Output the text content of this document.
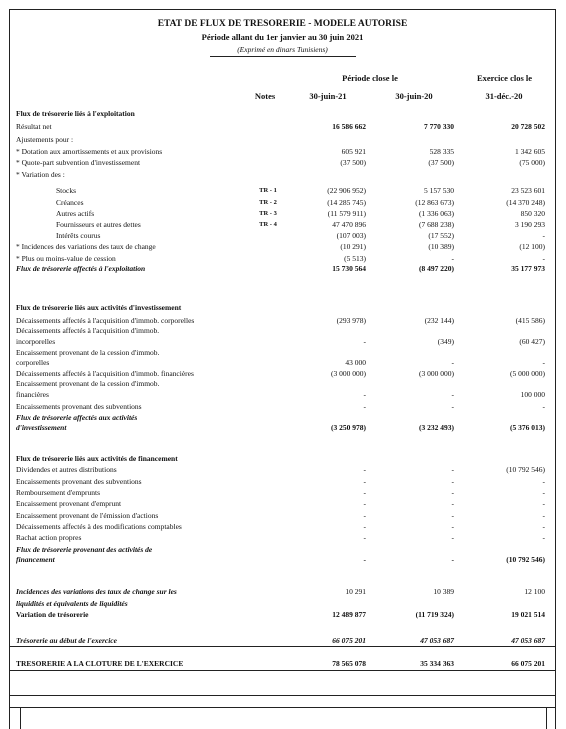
ETAT DE FLUX DE TRESORERIE - MODELE AUTORISE
Période allant du 1er janvier au 30 juin 2021
(Exprimé en dinars Tunisiens)
Période close le	Exercice clos le
Notes	30-juin-21	30-juin-20	31-déc.-20
Flux de trésorerie liés à l'exploitation
Résultat net	16 586 662	7 770 330	20 728 502
Ajustements pour :
* Dotation aux amortissements et aux provisions	605 921	528 335	1 342 605
* Quote-part subvention d'investissement	(37 500)	(37 500)	(75 000)
* Variation des :
Stocks	TR - 1	(22 906 952)	5 157 530	23 523 601
Créances	TR - 2	(14 285 745)	(12 863 673)	(14 370 248)
Autres actifs	TR - 3	(11 579 911)	(1 336 063)	850 320
Fournisseurs et autres dettes	TR - 4	47 470 896	(7 688 238)	3 190 293
Intérêts courus	(107 003)	(17 552)	-
* Incidences des variations des taux de change	(10 291)	(10 389)	(12 100)
* Plus ou moins-value de cession	(5 513)	-	-
Flux de trésorerie affectés à l'exploitation	15 730 564	(8 497 220)	35 177 973
Flux de trésorerie liés aux activités d'investissement
Décaissements affectés à l'acquisition d'immob. corporelles	(293 978)	(232 144)	(415 586)
Décaissements affectés à l'acquisition d'immob.
incorporelles	-	(349)	(60 427)
Encaissement provenant de la cession d'immob.
corporelles	43 000	-	-
Décaissements affectés à l'acquisition d'immob. financières	(3 000 000)	(3 000 000)	(5 000 000)
Encaissement provenant de la cession d'immob.
financières	-	-	100 000
Encaissements provenant des subventions	-	-	-
Flux de trésorerie affectés aux activités
d'investissement	(3 250 978)	(3 232 493)	(5 376 013)
Flux de trésorerie liés aux activités de financement
Dividendes et autres distributions	-	-	(10 792 546)
Encaissements provenant des subventions	-	-	-
Remboursement d'emprunts	-	-	-
Encaissement provenant d'emprunt	-	-	-
Encaissement provenant de l'émission d'actions	-	-	-
Décaissements affectés à des modifications comptables	-	-	-
Rachat action propres	-	-	-
Flux de trésorerie provenant des activités de
financement	-	-	(10 792 546)
Incidences des variations des taux de change sur les	10 291	10 389	12 100
liquidités et équivalents de liquidités
Variation de trésorerie	12 489 877	(11 719 324)	19 021 514
Trésorerie au début de l'exercice	66 075 201	47 053 687	47 053 687
TRESORERIE A LA CLOTURE DE L'EXERCICE	78 565 078	35 334 363	66 075 201
